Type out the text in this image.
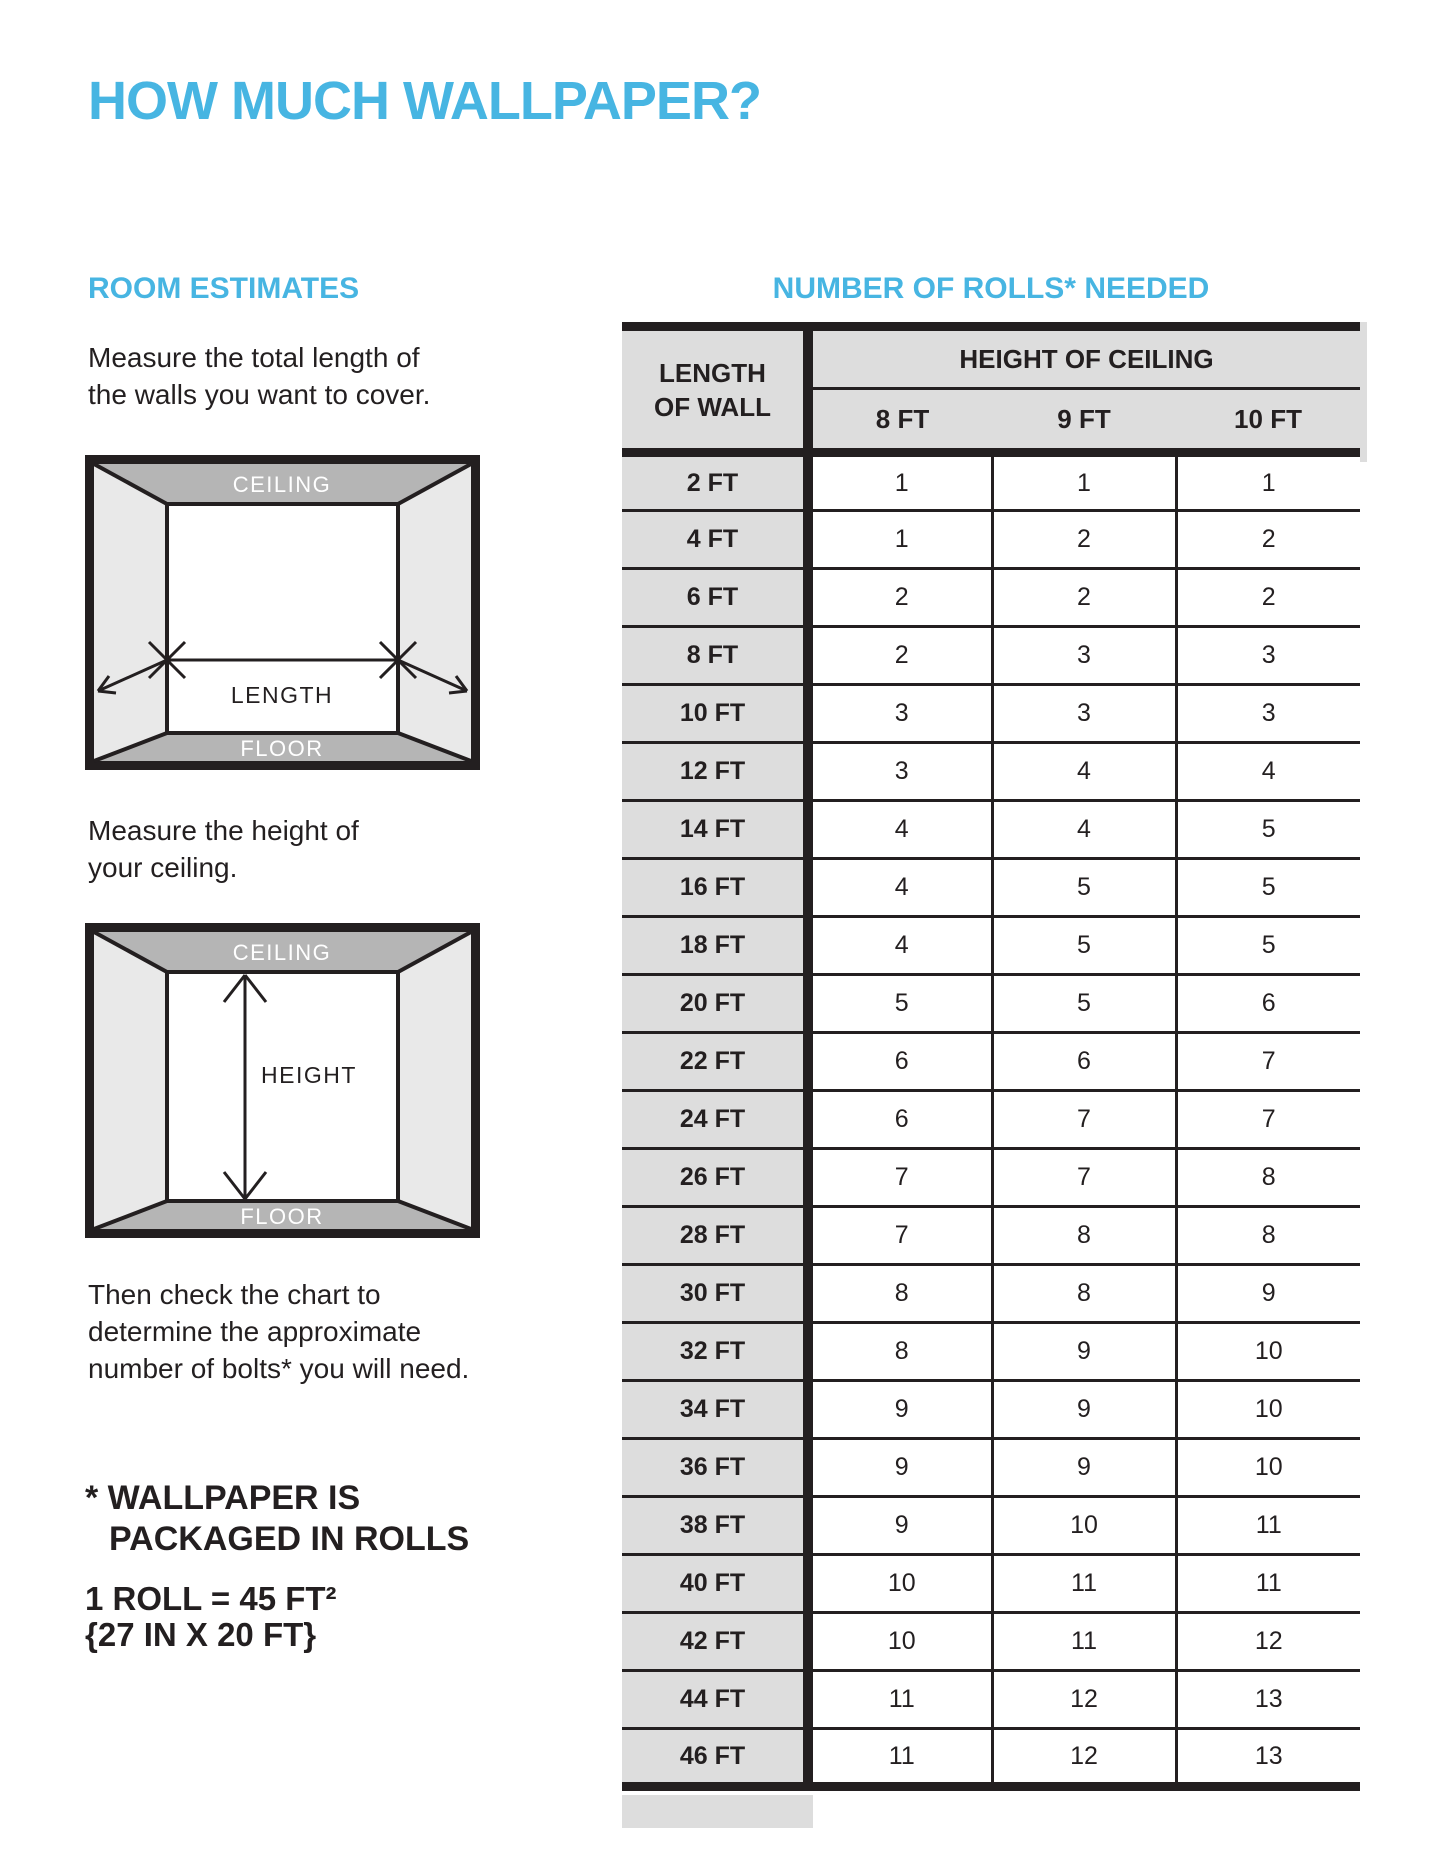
HOW MUCH WALLPAPER?
ROOM ESTIMATES
Measure the total length of
the walls you want to cover.
CEILING
FLOOR
LENGTH
Measure the height of
your ceiling.
CEILING
FLOOR
HEIGHT
Then check the chart to
determine the approximate
number of bolts* you will need.
* WALLPAPER IS
PACKAGED IN ROLLS
1 ROLL = 45 FT²
{27 IN X 20 FT}
NUMBER OF ROLLS* NEEDED
LENGTH
OF WALL	HEIGHT OF CEILING		
	8 FT	9 FT	10 FT
2 FT	1	1	1
4 FT	1	2	2
6 FT	2	2	2
8 FT	2	3	3
10 FT	3	3	3
12 FT	3	4	4
14 FT	4	4	5
16 FT	4	5	5
18 FT	4	5	5
20 FT	5	5	6
22 FT	6	6	7
24 FT	6	7	7
26 FT	7	7	8
28 FT	7	8	8
30 FT	8	8	9
32 FT	8	9	10
34 FT	9	9	10
36 FT	9	9	10
38 FT	9	10	11
40 FT	10	11	11
42 FT	10	11	12
44 FT	11	12	13
46 FT	11	12	13
